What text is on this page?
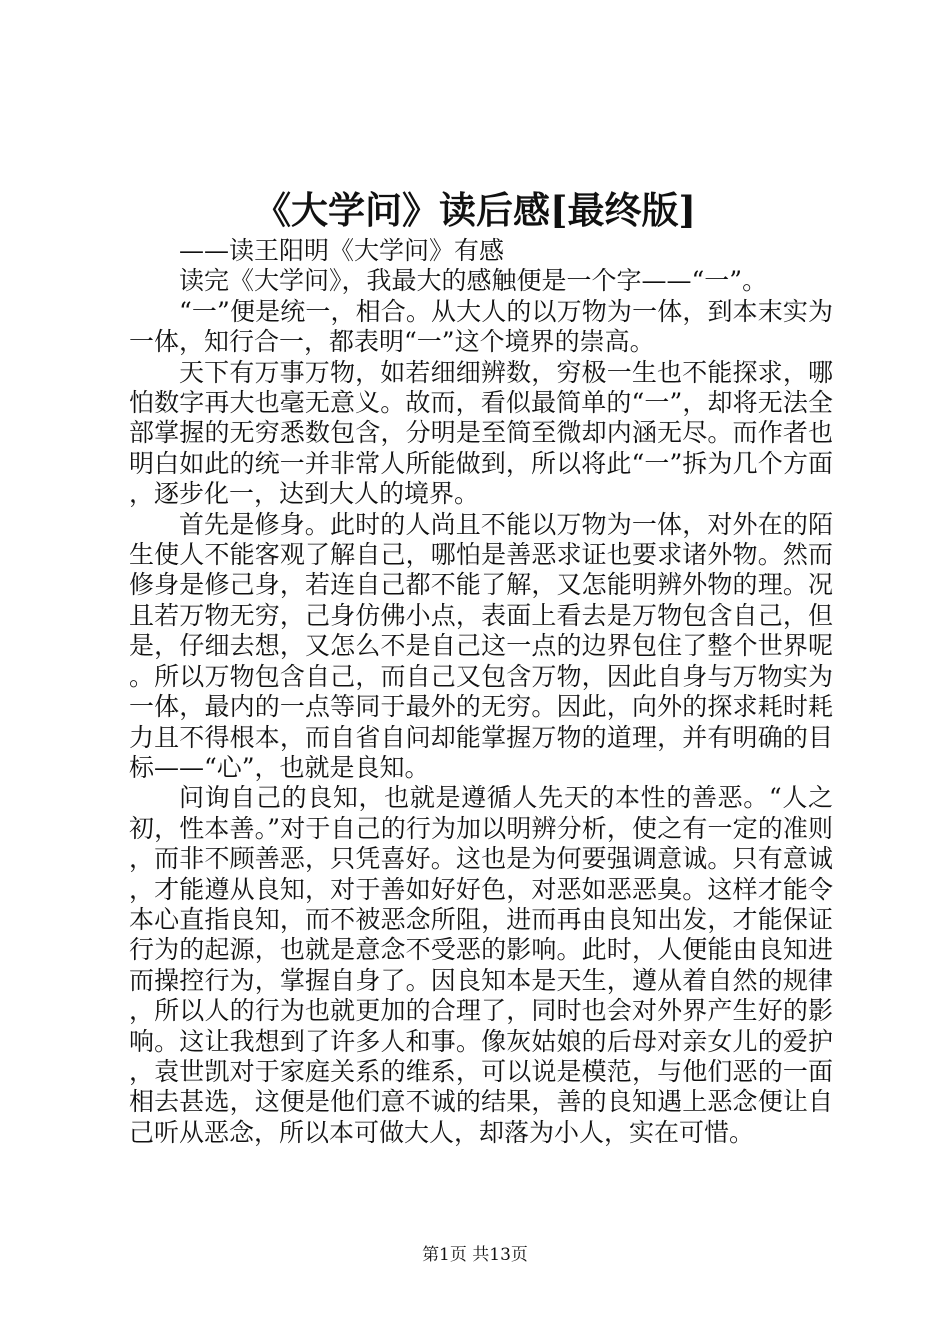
《大学问》读后感[最终版]

——读王阳明《大学问》有感

读完《大学问》，我最大的感触便是一个字——“一”。

“一”便是统一，相合。从大人的以万物为一体，到本末实为一体，知行合一，都表明“一”这个境界的崇高。

天下有万事万物，如若细细辨数，穷极一生也不能探求，哪怕数字再大也毫无意义。故而，看似最简单的“一”，却将无法全部掌握的无穷悉数包含，分明是至简至微却内涵无尽。而作者也明白如此的统一并非常人所能做到，所以将此“一”拆为几个方面，逐步化一，达到大人的境界。

首先是修身。此时的人尚且不能以万物为一体，对外在的陌生使人不能客观了解自己，哪怕是善恶求证也要求诸外物。然而修身是修己身，若连自己都不能了解，又怎能明辨外物的理。况且若万物无穷，己身仿佛小点，表面上看去是万物包含自己，但是，仔细去想，又怎么不是自己这一点的边界包住了整个世界呢。所以万物包含自己，而自己又包含万物，因此自身与万物实为一体，最内的一点等同于最外的无穷。因此，向外的探求耗时耗力且不得根本，而自省自问却能掌握万物的道理，并有明确的目标——“心”，也就是良知。

问询自己的良知，也就是遵循人先天的本性的善恶。“人之初，性本善。”对于自己的行为加以明辨分析，使之有一定的准则，而非不顾善恶，只凭喜好。这也是为何要强调意诚。只有意诚，才能遵从良知，对于善如好好色，对恶如恶恶臭。这样才能令本心直指良知，而不被恶念所阻，进而再由良知出发，才能保证行为的起源，也就是意念不受恶的影响。此时，人便能由良知进而操控行为，掌握自身了。因良知本是天生，遵从着自然的规律，所以人的行为也就更加的合理了，同时也会对外界产生好的影响。这让我想到了许多人和事。像灰姑娘的后母对亲女儿的爱护，袁世凯对于家庭关系的维系，可以说是模范，与他们恶的一面相去甚选，这便是他们意不诚的结果，善的良知遇上恶念便让自己听从恶念，所以本可做大人，却落为小人，实在可惜。

第1页 共13页
